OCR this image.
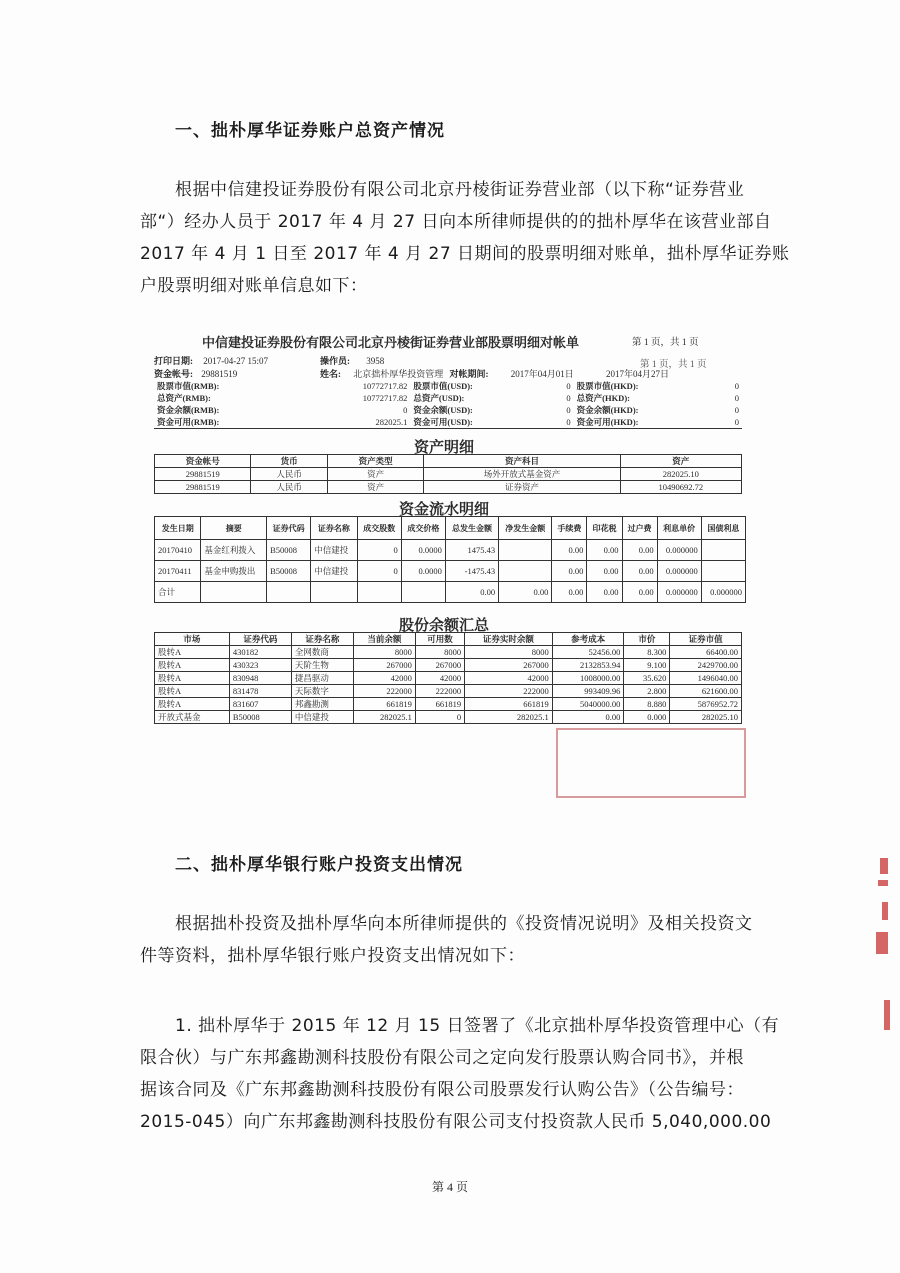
一、拙朴厚华证券账户总资产情况

根据中信建投证券股份有限公司北京丹棱街证券营业部（以下称“证券营业

部“）经办人员于 2017 年 4 月 27 日向本所律师提供的的拙朴厚华在该营业部自

2017 年 4 月 1 日至 2017 年 4 月 27 日期间的股票明细对账单，拙朴厚华证券账

户股票明细对账单信息如下：

中信建投证券股份有限公司北京丹棱街证券营业部股票明细对帐单	第 1 页，共 1 页
第 1 页，共 1 页
打印日期: 2017-04-27 15:07	操作员: 3958
资金帐号: 29881519	姓名: 北京拙朴厚华投资管理 对帐期间: 2017年04月01日	2017年04月27日
股票市值(RMB):	10772717.82	股票市值(USD):	0	股票市值(HKD):	0
总资产(RMB):	10772717.82	总资产(USD):	0	总资产(HKD):	0
资金余额(RMB):	0	资金余额(USD):	0	资金余额(HKD):	0
资金可用(RMB):	282025.1	资金可用(USD):	0	资金可用(HKD):	0
资产明细
资金帐号	货币	资产类型	资产科目	资产
29881519	人民币	资产	场外开放式基金资产	282025.10
29881519	人民币	资产	证券资产	10490692.72
资金流水明细
发生日期	摘要	证券代码	证券名称	成交股数	成交价格	总发生金额	净发生金额	手续费	印花税	过户费	利息单价	国债利息
20170410	基金红利拨入	B50008	中信建投	0	0.0000	1475.43		0.00	0.00	0.00	0.000000	
20170411	基金申购拨出	B50008	中信建投	0	0.0000	-1475.43		0.00	0.00	0.00	0.000000	
合计						0.00	0.00	0.00	0.00	0.00	0.000000	0.000000
股份余额汇总
市场	证券代码	证券名称	当前余额	可用数	证券实时余额	参考成本	市价	证券市值
股转A	430182	全网数商	8000	8000	8000	52456.00	8.300	66400.00
股转A	430323	天阶生物	267000	267000	267000	2132853.94	9.100	2429700.00
股转A	830948	捷昌驱动	42000	42000	42000	1008000.00	35.620	1496040.00
股转A	831478	天际数字	222000	222000	222000	993409.96	2.800	621600.00
股转A	831607	邦鑫勘测	661819	661819	661819	5040000.00	8.880	5876952.72
开放式基金	B50008	中信建投	282025.1	0	282025.1	0.00	0.000	282025.10
二、拙朴厚华银行账户投资支出情况

根据拙朴投资及拙朴厚华向本所律师提供的《投资情况说明》及相关投资文

件等资料，拙朴厚华银行账户投资支出情况如下：

1. 拙朴厚华于 2015 年 12 月 15 日签署了《北京拙朴厚华投资管理中心（有

限合伙）与广东邦鑫勘测科技股份有限公司之定向发行股票认购合同书》，并根

据该合同及《广东邦鑫勘测科技股份有限公司股票发行认购公告》（公告编号：

2015-045）向广东邦鑫勘测科技股份有限公司支付投资款人民币 5,040,000.00

第 4 页
